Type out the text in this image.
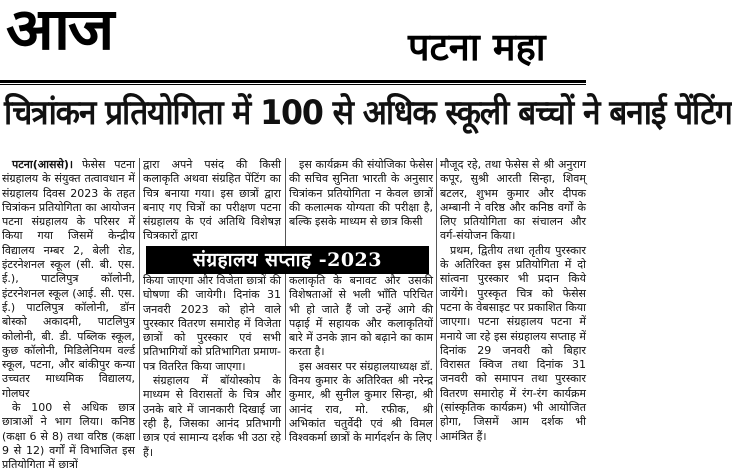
आज	पटना महा
चित्रांकन प्रतियोगिता में 100 से अधिक स्कूली बच्चों ने बनाई पेंटिंग

पटना(आससे)। फेसेस पटना संग्रहालय के संयुक्त तत्वावधान में संग्रहालय दिवस 2023 के तहत चित्रांकन प्रतियोगिता का आयोजन पटना संग्रहालय के परिसर में किया गया जिसमें केन्द्रीय विद्यालय नम्बर 2, बेली रोड, इंटरनेशनल स्कूल (सी. बी. एस. ई.), पाटलिपुत्र कॉलोनी, इंटरनेशनल स्कूल (आई. सी. एस. ई.) पाटलिपुत्र कॉलोनी, डॉन बोस्को अकादमी, पाटलिपुत्र कोलोनी, बी. डी. पब्लिक स्कूल, कुछ कॉलोनी, मिडिलेनियम वर्ल्ड स्कूल, पटना, और बांकीपुर कन्या उच्चतर माध्यमिक विद्यालय, गोलघर

के 100 से अधिक छात्र छात्राओं ने भाग लिया। कनिष्ठ (कक्षा 6 से 8) तथा वरिष्ठ (कक्षा 9 से 12) वर्गों में विभाजित इस प्रतियोगिता में छात्रों

द्वारा अपने पसंद की किसी कलाकृति अथवा संग्रहित पेंटिंग का चित्र बनाया गया। इस छात्रों द्वारा बनाए गए चित्रों का परीक्षण पटना संग्रहालय के एवं अतिथि विशेषज्ञ चित्रकारों द्वारा

किया जाएगा और विजेता छात्रों की घोषणा की जायेगी। दिनांक 31 जनवरी 2023 को होने वाले पुरस्कार वितरण समारोह में विजेता छात्रों को पुरस्कार एवं सभी प्रतिभागियों को प्रतिभागिता प्रमाण-पत्र वितरित किया जाएगा।

संग्रहालय में बॉयोस्कोप के माध्यम से विरासतों के चित्र और उनके बारे में जानकारी दिखाई जा रही है, जिसका आनंद प्रतिभागी छात्र एवं सामान्य दर्शक भी उठा रहे हैं।

इस कार्यक्रम की संयोजिका फेसेस की सचिव सुनिता भारती के अनुसार चित्रांकन प्रतियोगिता न केवल छात्रों की कलात्मक योग्यता की परीक्षा है, बल्कि इसके माध्यम से छात्र किसी

कलाकृति के बनावट और उसकी विशेषताओं से भली भाँति परिचित भी हो जाते हैं जो उन्हें आगे की पढ़ाई में सहायक और कलाकृतियों बारे में उनके ज्ञान को बढ़ाने का काम करता है।

इस अवसर पर संग्रहालयाध्यक्ष डॉ. विनय कुमार के अतिरिक्त श्री नरेन्द्र कुमार, श्री सुनील कुमार सिन्हा, श्री आनंद राव, मो. रफीक, श्री अभिकांत चतुर्वेदी एवं श्री विमल विश्वकर्मा छात्रों के मार्गदर्शन के लिए

मौजूद रहे, तथा फेसेस से श्री अनुराग कपूर, सुश्री आरती सिन्हा, शिवम् बटलर, शुभम कुमार और दीपक अम्बानी ने वरिष्ठ और कनिष्ठ वर्गों के लिए प्रतियोगिता का संचालन और वर्ग-संयोजन किया।

प्रथम, द्वितीय तथा तृतीय पुरस्कार के अतिरिक्त इस प्रतियोगिता में दो सांत्वना पुरस्कार भी प्रदान किये जायेंगे। पुरस्कृत चित्र को फेसेस पटना के वेबसाइट पर प्रकाशित किया जाएगा। पटना संग्रहालय पटना में मनाये जा रहे इस संग्रहालय सप्ताह में दिनांक 29 जनवरी को बिहार विरासत क्विज तथा दिनांक 31 जनवरी को समापन तथा पुरस्कार वितरण समारोह में रंग-रंग कार्यक्रम (सांस्कृतिक कार्यक्रम) भी आयोजित होगा, जिसमें आम दर्शक भी आमंत्रित हैं।

संग्रहालय सप्ताह -2023
